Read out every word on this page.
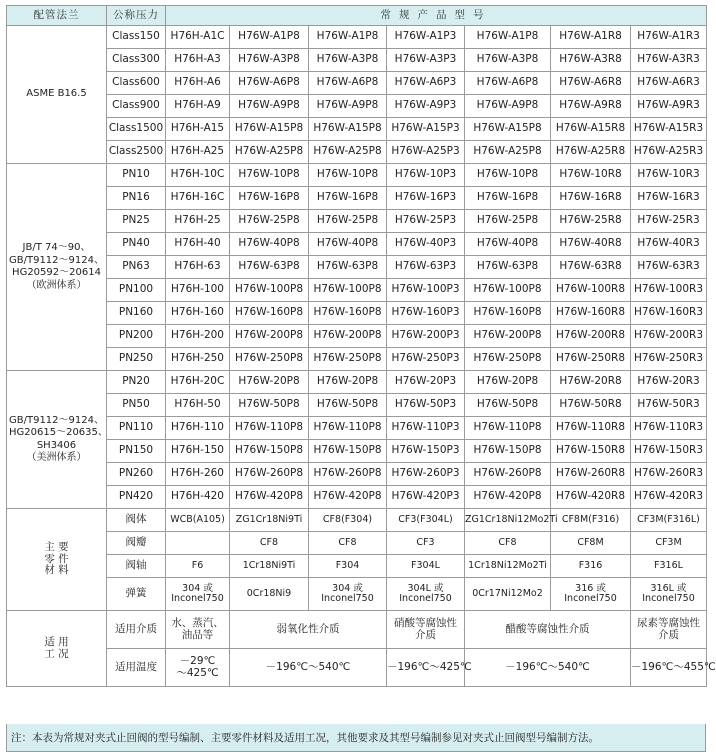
配管法兰	公称压力	常规产品型号						

ASME B16.5	Class150	H76H-A1C	H76W-A1P8	H76W-A1P8	H76W-A1P3	H76W-A1P8	H76W-A1R8	H76W-A1R3
	Class300	H76H-A3	H76W-A3P8	H76W-A3P8	H76W-A3P3	H76W-A3P8	H76W-A3R8	H76W-A3R3
	Class600	H76H-A6	H76W-A6P8	H76W-A6P8	H76W-A6P3	H76W-A6P8	H76W-A6R8	H76W-A6R3
	Class900	H76H-A9	H76W-A9P8	H76W-A9P8	H76W-A9P3	H76W-A9P8	H76W-A9R8	H76W-A9R3
	Class1500	H76H-A15	H76W-A15P8	H76W-A15P8	H76W-A15P3	H76W-A15P8	H76W-A15R8	H76W-A15R3
	Class2500	H76H-A25	H76W-A25P8	H76W-A25P8	H76W-A25P3	H76W-A25P8	H76W-A25R8	H76W-A25R3

JB/T 74～90、
GB/T9112～9124、
HG20592～20614
（欧洲体系）	PN10	H76H-10C	H76W-10P8	H76W-10P8	H76W-10P3	H76W-10P8	H76W-10R8	H76W-10R3
	PN16	H76H-16C	H76W-16P8	H76W-16P8	H76W-16P3	H76W-16P8	H76W-16R8	H76W-16R3
	PN25	H76H-25	H76W-25P8	H76W-25P8	H76W-25P3	H76W-25P8	H76W-25R8	H76W-25R3
	PN40	H76H-40	H76W-40P8	H76W-40P8	H76W-40P3	H76W-40P8	H76W-40R8	H76W-40R3
	PN63	H76H-63	H76W-63P8	H76W-63P8	H76W-63P3	H76W-63P8	H76W-63R8	H76W-63R3
	PN100	H76H-100	H76W-100P8	H76W-100P8	H76W-100P3	H76W-100P8	H76W-100R8	H76W-100R3
	PN160	H76H-160	H76W-160P8	H76W-160P8	H76W-160P3	H76W-160P8	H76W-160R8	H76W-160R3
	PN200	H76H-200	H76W-200P8	H76W-200P8	H76W-200P3	H76W-200P8	H76W-200R8	H76W-200R3
	PN250	H76H-250	H76W-250P8	H76W-250P8	H76W-250P3	H76W-250P8	H76W-250R8	H76W-250R3

GB/T9112～9124、
HG20615～20635、
SH3406
（美洲体系）	PN20	H76H-20C	H76W-20P8	H76W-20P8	H76W-20P3	H76W-20P8	H76W-20R8	H76W-20R3
	PN50	H76H-50	H76W-50P8	H76W-50P8	H76W-50P3	H76W-50P8	H76W-50R8	H76W-50R3
	PN110	H76H-110	H76W-110P8	H76W-110P8	H76W-110P3	H76W-110P8	H76W-110R8	H76W-110R3
	PN150	H76H-150	H76W-150P8	H76W-150P8	H76W-150P3	H76W-150P8	H76W-150R8	H76W-150R3
	PN260	H76H-260	H76W-260P8	H76W-260P8	H76W-260P3	H76W-260P8	H76W-260R8	H76W-260R3
	PN420	H76H-420	H76W-420P8	H76W-420P8	H76W-420P3	H76W-420P8	H76W-420R8	H76W-420R3

主 要
零 件
材 料	阀体	WCB(A105)	ZG1Cr18Ni9Ti	CF8(F304)	CF3(F304L)	ZG1Cr18Ni12Mo2Ti	CF8M(F316)	CF3M(F316L)

	阀瓣		CF8	CF8	CF3	CF8	CF8M	CF3M

	阀轴	F6	1Cr18Ni9Ti	F304	F304L	1Cr18Ni12Mo2Ti	F316	F316L

	弹簧	304 或
Inconel750	0Cr18Ni9	304 或
Inconel750	304L 或
Inconel750	0Cr17Ni12Mo2	316 或
Inconel750	316L 或
Inconel750

适 用
工 况	适用介质	水、蒸汽、
油品等	弱氧化性介质		硝酸等腐蚀性
介质	醋酸等腐蚀性介质		尿素等腐蚀性
介质

	适用温度	－29℃
～425℃	－196℃～540℃		－196℃～425℃	－196℃～540℃		－196℃～455℃
注：本表为常规对夹式止回阀的型号编制、主要零件材料及适用工况，其他要求及其型号编制参见对夹式止回阀型号编制方法。
